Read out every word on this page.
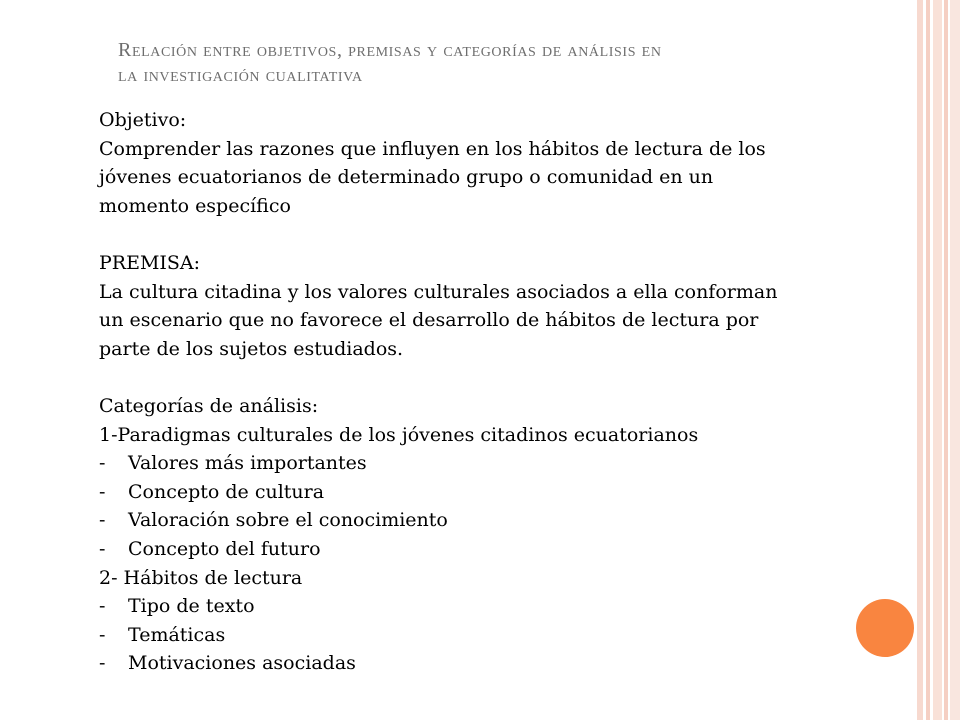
Relación entre objetivos, premisas y categorías de análisis en
la investigación cualitativa
Objetivo:
Comprender las razones que influyen en los hábitos de lectura de los
jóvenes ecuatorianos de determinado grupo o comunidad en un
momento específico
PREMISA:
La cultura citadina y los valores culturales asociados a ella conforman
un escenario que no favorece el desarrollo de hábitos de lectura por
parte de los sujetos estudiados.
Categorías de análisis:
1-Paradigmas culturales de los jóvenes citadinos ecuatorianos
- Valores más importantes
- Concepto de cultura
- Valoración sobre el conocimiento
- Concepto del futuro
2- Hábitos de lectura
- Tipo de texto
- Temáticas
- Motivaciones asociadas
